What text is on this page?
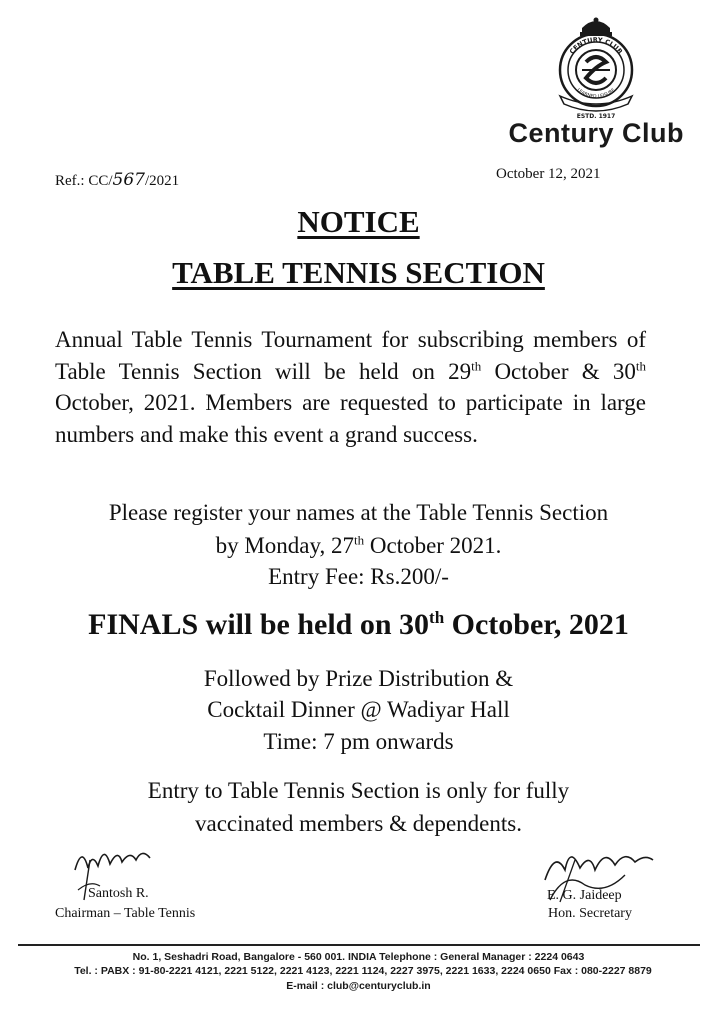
CENTURY CLUB
LEARNED LEISURE
ESTD. 1917
Century Club
Ref.: CC/567/2021	October 12, 2021
NOTICE
TABLE TENNIS SECTION
Annual Table Tennis Tournament for subscribing members of Table Tennis Section will be held on 29th October & 30th October, 2021. Members are requested to participate in large numbers and make this event a grand success.
Please register your names at the Table Tennis Section
by Monday, 27th October 2021.
Entry Fee: Rs.200/-
FINALS will be held on 30th October, 2021
Followed by Prize Distribution &
Cocktail Dinner @ Wadiyar Hall
Time: 7 pm onwards
Entry to Table Tennis Section is only for fully
vaccinated members & dependents.
Santosh R.
Chairman – Table Tennis
E. G. Jaideep
Hon. Secretary
No. 1, Seshadri Road, Bangalore - 560 001. INDIA Telephone : General Manager : 2224 0643
Tel. : PABX : 91-80-2221 4121, 2221 5122, 2221 4123, 2221 1124, 2227 3975, 2221 1633, 2224 0650 Fax : 080-2227 8879
E-mail : club@centuryclub.in
